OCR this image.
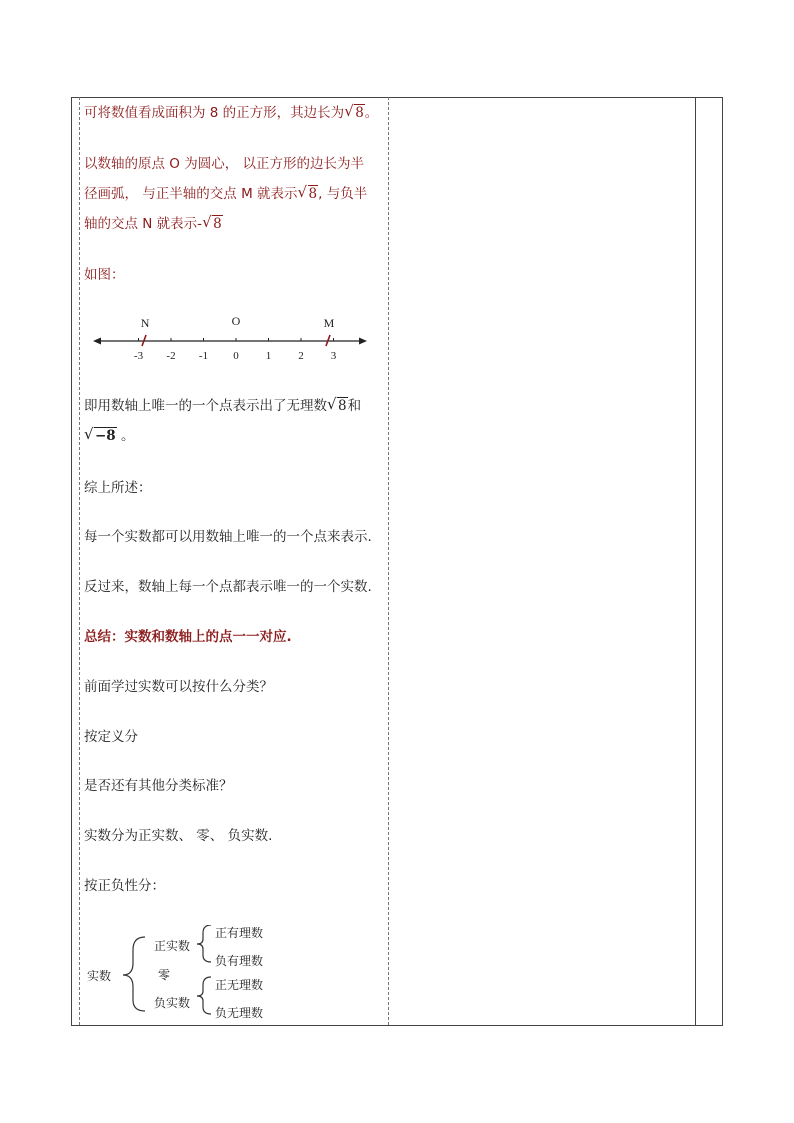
可将数值看成面积为 8 的正方形，其边长为 √ 8。
以数轴的原点 O 为圆心， 以正方形的边长为半
径画弧， 与正半轴的交点 M 就表示 √ 8, 与负半
轴的交点 N 就表示- √ 8
如图：
-3 -2 -1 0 1 2 3
N	M
O
即用数轴上唯一的一个点表示出了无理数 √ 8和
√ −8 。
综上所述：
每一个实数都可以用数轴上唯一的一个点来表示.
反过来，数轴上每一个点都表示唯一的一个实数.
总结：实数和数轴上的点一一对应.
前面学过实数可以按什么分类？
按定义分
是否还有其他分类标准？
实数分为正实数、 零、 负实数.
按正负性分：
实数
正实数
零
负实数
正有理数
负有理数
正无理数
负无理数
